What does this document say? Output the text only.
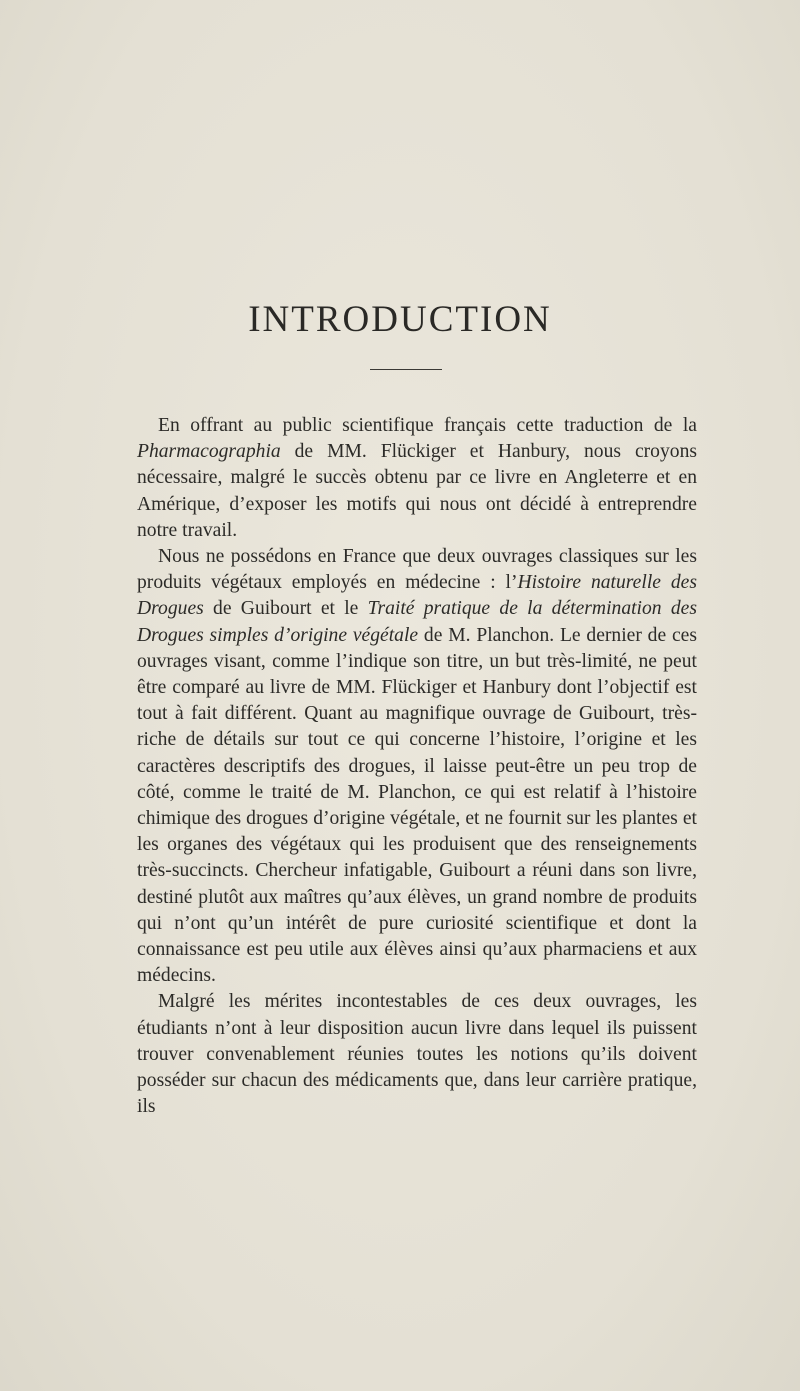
INTRODUCTION

En offrant au public scientifique français cette traduction de la Pharmacographia de MM. Flückiger et Hanbury, nous croyons nécessaire, malgré le succès obtenu par ce livre en Angleterre et en Amérique, d’exposer les motifs qui nous ont décidé à entreprendre notre travail.

Nous ne possédons en France que deux ouvrages classiques sur les produits végétaux employés en médecine : l’Histoire naturelle des Drogues de Guibourt et le Traité pratique de la détermination des Drogues simples d’origine végétale de M. Planchon. Le dernier de ces ouvrages visant, comme l’indique son titre, un but très-limité, ne peut être comparé au livre de MM. Flückiger et Hanbury dont l’objectif est tout à fait différent. Quant au magnifique ouvrage de Guibourt, très-riche de détails sur tout ce qui concerne l’histoire, l’origine et les caractères descriptifs des drogues, il laisse peut-être un peu trop de côté, comme le traité de M. Planchon, ce qui est relatif à l’histoire chimique des drogues d’origine végétale, et ne fournit sur les plantes et les organes des végétaux qui les produisent que des renseignements très-succincts. Chercheur infatigable, Guibourt a réuni dans son livre, destiné plutôt aux maîtres qu’aux élèves, un grand nombre de produits qui n’ont qu’un intérêt de pure curiosité scientifique et dont la connaissance est peu utile aux élèves ainsi qu’aux pharmaciens et aux médecins.

Malgré les mérites incontestables de ces deux ouvrages, les étudiants n’ont à leur disposition aucun livre dans lequel ils puissent trouver convenablement réunies toutes les notions qu’ils doivent posséder sur chacun des médicaments que, dans leur carrière pratique, ils
